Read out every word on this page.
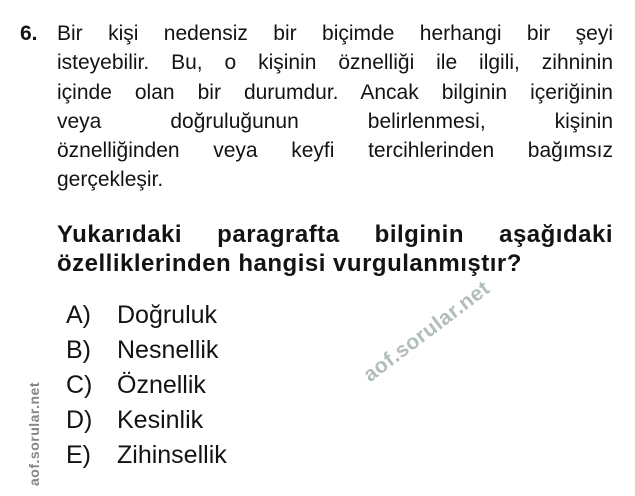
6. Bir kişi nedensiz bir biçimde herhangi bir şeyi
isteyebilir. Bu, o kişinin öznelliği ile ilgili, zihninin
içinde olan bir durumdur. Ancak bilginin içeriğinin
veya doğruluğunun belirlenmesi, kişinin
öznelliğinden veya keyfi tercihlerinden bağımsız
gerçekleşir.
Yukarıdaki paragrafta bilginin aşağıdaki
özelliklerinden hangisi vurgulanmıştır?
A)	Doğruluk
B)	Nesnellik
C) Öznellik
D) Kesinlik
E)	Zihinsellik
aof.sorular.net
aof.sorular.net
